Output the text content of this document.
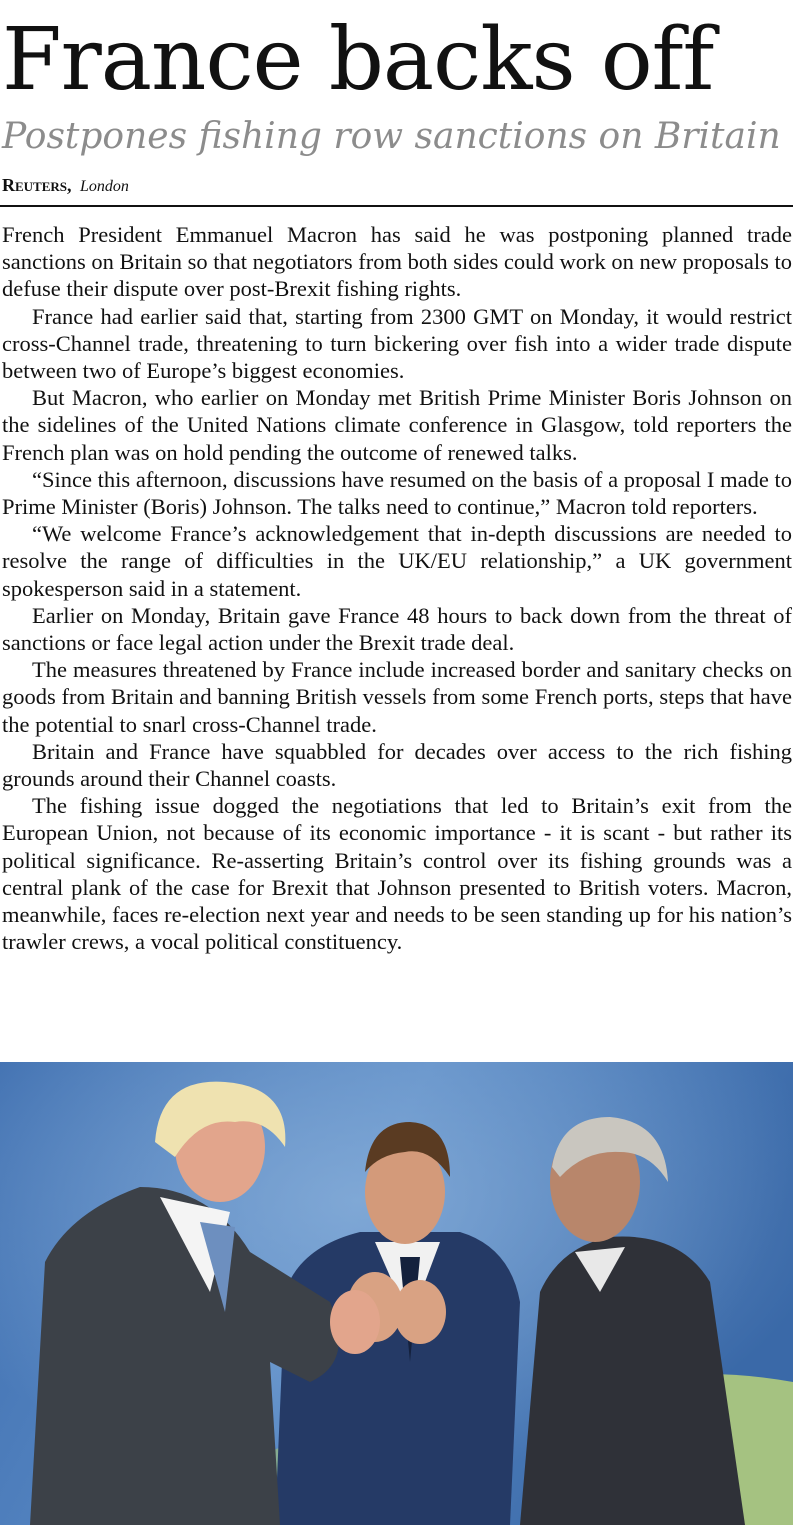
France backs off
Postpones fishing row sanctions on Britain
Reuters, London

French President Emmanuel Macron has said he was postponing planned trade sanctions on Britain so that negotiators from both sides could work on new proposals to defuse their dispute over post-Brexit fishing rights.

France had earlier said that, starting from 2300 GMT on Monday, it would restrict cross-Channel trade, threatening to turn bickering over fish into a wider trade dispute between two of Europe’s biggest economies.

But Macron, who earlier on Monday met British Prime Minister Boris Johnson on the sidelines of the United Nations climate conference in Glasgow, told reporters the French plan was on hold pending the outcome of renewed talks.

“Since this afternoon, discussions have resumed on the basis of a proposal I made to Prime Minister (Boris) Johnson. The talks need to continue,” Macron told reporters.

“We welcome France’s acknowledgement that in-depth discussions are needed to resolve the range of difficulties in the UK/EU relationship,” a UK government spokesperson said in a statement.

Earlier on Monday, Britain gave France 48 hours to back down from the threat of sanctions or face legal action under the Brexit trade deal.

The measures threatened by France include increased border and sanitary checks on goods from Britain and banning British vessels from some French ports, steps that have the potential to snarl cross-Channel trade.

Britain and France have squabbled for decades over access to the rich fishing grounds around their Channel coasts.

The fishing issue dogged the negotiations that led to Britain’s exit from the European Union, not because of its economic importance - it is scant - but rather its political significance. Re-asserting Britain’s control over its fishing grounds was a central plank of the case for Brexit that Johnson presented to British voters. Macron, meanwhile, faces re-election next year and needs to be seen standing up for his nation’s trawler crews, a vocal political constituency.
